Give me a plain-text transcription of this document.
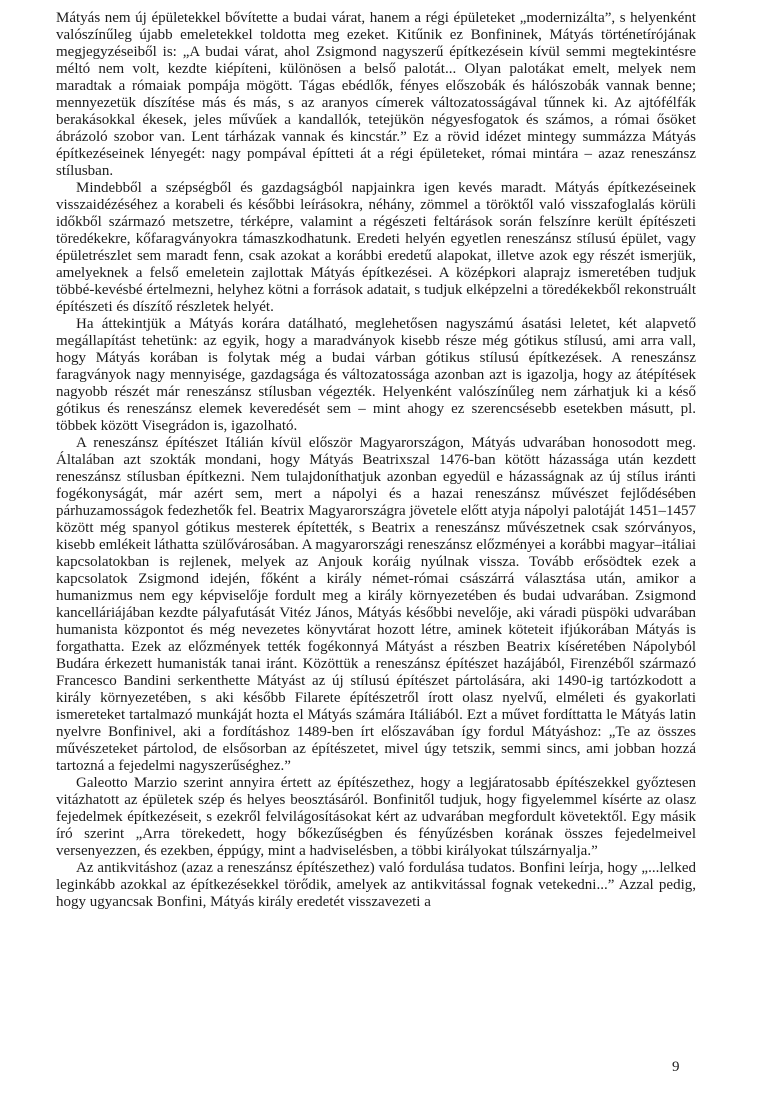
Mátyás nem új épületekkel bővítette a budai várat, hanem a régi épületeket „modernizálta”, s helyenként valószínűleg újabb emeletekkel toldotta meg ezeket. Kitűnik ez Bonfininek, Mátyás történetírójának megjegyzéseiből is: „A budai várat, ahol Zsigmond nagyszerű építkezésein kívül semmi megtekintésre méltó nem volt, kezdte kiépíteni, különösen a belső palotát... Olyan palotákat emelt, melyek nem maradtak a rómaiak pompája mögött. Tágas ebédlők, fényes előszobák és hálószobák vannak benne; mennyezetük díszítése más és más, s az aranyos címerek változatosságával tűnnek ki. Az ajtófélfák berakásokkal ékesek, jeles művűek a kandallók, tetejükön négyesfogatok és számos, a római ősöket ábrázoló szobor van. Lent tárházak vannak és kincstár.” Ez a rövid idézet mintegy summázza Mátyás építkezéseinek lényegét: nagy pompával építteti át a régi épületeket, római mintára – azaz reneszánsz stílusban.

Mindebből a szépségből és gazdagságból napjainkra igen kevés maradt. Mátyás építkezéseinek visszaidézéséhez a korabeli és későbbi leírásokra, néhány, zömmel a töröktől való visszafoglalás körüli időkből származó metszetre, térképre, valamint a régészeti feltárások során felszínre került építészeti töredékekre, kőfaragványokra támaszkodhatunk. Eredeti helyén egyetlen reneszánsz stílusú épület, vagy épületrészlet sem maradt fenn, csak azokat a korábbi eredetű alapokat, illetve azok egy részét ismerjük, amelyeknek a felső emeletein zajlottak Mátyás építkezései. A középkori alaprajz ismeretében tudjuk többé-kevésbé értelmezni, helyhez kötni a források adatait, s tudjuk elképzelni a töredékekből rekonstruált építészeti és díszítő részletek helyét.

Ha áttekintjük a Mátyás korára datálható, meglehetősen nagyszámú ásatási leletet, két alapvető megállapítást tehetünk: az egyik, hogy a maradványok kisebb része még gótikus stílusú, ami arra vall, hogy Mátyás korában is folytak még a budai várban gótikus stílusú építkezések. A reneszánsz faragványok nagy mennyisége, gazdagsága és változatossága azonban azt is igazolja, hogy az átépítések nagyobb részét már reneszánsz stílusban végezték. Helyenként valószínűleg nem zárhatjuk ki a késő gótikus és reneszánsz elemek keveredését sem – mint ahogy ez szerencsésebb esetekben másutt, pl. többek között Visegrádon is, igazolható.

A reneszánsz építészet Itálián kívül először Magyarországon, Mátyás udvarában honosodott meg. Általában azt szokták mondani, hogy Mátyás Beatrixszal 1476-ban kötött házassága után kezdett reneszánsz stílusban építkezni. Nem tulajdoníthatjuk azonban egyedül e házasságnak az új stílus iránti fogékonyságát, már azért sem, mert a nápolyi és a hazai reneszánsz művészet fejlődésében párhuzamosságok fedezhetők fel. Beatrix Magyarországra jövetele előtt atyja nápolyi palotáját 1451–1457 között még spanyol gótikus mesterek építették, s Beatrix a reneszánsz művészetnek csak szórványos, kisebb emlékeit láthatta szülővárosában. A magyarországi reneszánsz előzményei a korábbi magyar–itáliai kapcsolatokban is rejlenek, melyek az Anjouk koráig nyúlnak vissza. Tovább erősödtek ezek a kapcsolatok Zsigmond idején, főként a király német-római császárrá választása után, amikor a humanizmus nem egy képviselője fordult meg a király környezetében és budai udvarában. Zsigmond kancelláriájában kezdte pályafutását Vitéz János, Mátyás későbbi nevelője, aki váradi püspöki udvarában humanista központot és még nevezetes könyvtárat hozott létre, aminek köteteit ifjúkorában Mátyás is forgathatta. Ezek az előzmények tették fogékonnyá Mátyást a részben Beatrix kíséretében Nápolyból Budára érkezett humanisták tanai iránt. Közöttük a reneszánsz építészet hazájából, Firenzéből származó Francesco Bandini serkenthette Mátyást az új stílusú építészet pártolására, aki 1490-ig tartózkodott a király környezetében, s aki később Filarete építészetről írott olasz nyelvű, elméleti és gyakorlati ismereteket tartalmazó munkáját hozta el Mátyás számára Itáliából. Ezt a művet fordíttatta le Mátyás latin nyelvre Bonfinivel, aki a fordításhoz 1489-ben írt előszavában így fordul Mátyáshoz: „Te az összes művészeteket pártolod, de elsősorban az építészetet, mivel úgy tetszik, semmi sincs, ami jobban hozzá tartozná a fejedelmi nagyszerűséghez.”

Galeotto Marzio szerint annyira értett az építészethez, hogy a legjáratosabb építészekkel győztesen vitázhatott az épületek szép és helyes beosztásáról. Bonfinitől tudjuk, hogy figyelemmel kísérte az olasz fejedelmek építkezéseit, s ezekről felvilágosításokat kért az udvarában megfordult követektől. Egy másik író szerint „Arra törekedett, hogy bőkezűségben és fényűzésben korának összes fejedelmeivel versenyezzen, és ezekben, éppúgy, mint a hadviselésben, a többi királyokat túlszárnyalja.”

Az antikvitáshoz (azaz a reneszánsz építészethez) való fordulása tudatos. Bonfini leírja, hogy „...lelked leginkább azokkal az építkezésekkel törődik, amelyek az antikvitással fognak vetekedni...” Azzal pedig, hogy ugyancsak Bonfini, Mátyás király eredetét visszavezeti a

9
